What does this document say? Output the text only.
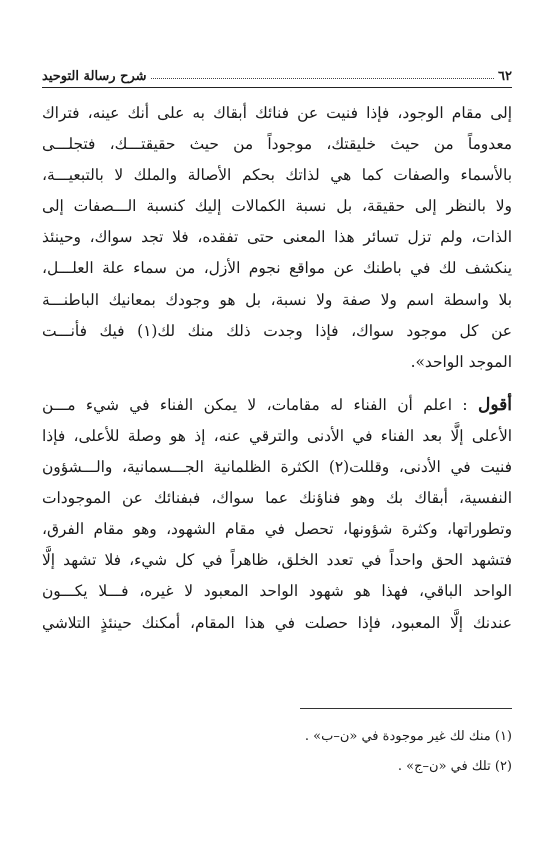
٦٢
شرح رسالة التوحيد
إلى مقام الوجود، فإذا فنيت عن فنائك أبقاك به على أنك عينه، فتراك
معدوماً من حيث خليقتك، موجوداً من حيث حقيقتـــك، فتجلـــى
بالأسماء والصفات كما هي لذاتك بحكم الأصالة والملك لا بالتبعيـــة،
ولا بالنظر إلى حقيقة، بل نسبة الكمالات إليك كنسبة الـــصفات إلى
الذات، ولم تزل تسائر هذا المعنى حتى تفقده، فلا تجد سواك، وحينئذ
ينكشف لك في باطنك عن مواقع نجوم الأزل، من سماء علة العلـــل،
بلا واسطة اسم ولا صفة ولا نسبة، بل هو وجودك بمعانيك الباطنـــة
عن كل موجود سواك، فإذا وجدت ذلك منك لك(١) فيك فأنـــت
الموجد الواحد».
أقول : اعلم أن الفناء له مقامات، لا يمكن الفناء في شيء مـــن
الأعلى إلَّا بعد الفناء في الأدنى والترقي عنه، إذ هو وصلة للأعلى، فإذا
فنيت في الأدنى، وقللت(٢) الكثرة الظلمانية الجـــسمانية، والـــشؤون
النفسية، أبقاك بك وهو فناؤنك عما سواك، فبفنائك عن الموجودات
وتطوراتها، وكثرة شؤونها، تحصل في مقام الشهود، وهو مقام الفرق،
فتشهد الحق واحداً في تعدد الخلق، ظاهراً في كل شيء، فلا تشهد إلَّا
الواحد الباقي، فهذا هو شهود الواحد المعبود لا غيره، فـــلا يكـــون
عندنك إلَّا المعبود، فإذا حصلت في هذا المقام، أمكنك حينئذٍ التلاشي
(١) منك لك غير موجودة في «ن–ب» .
(٢) تلك في «ن–ج» .
